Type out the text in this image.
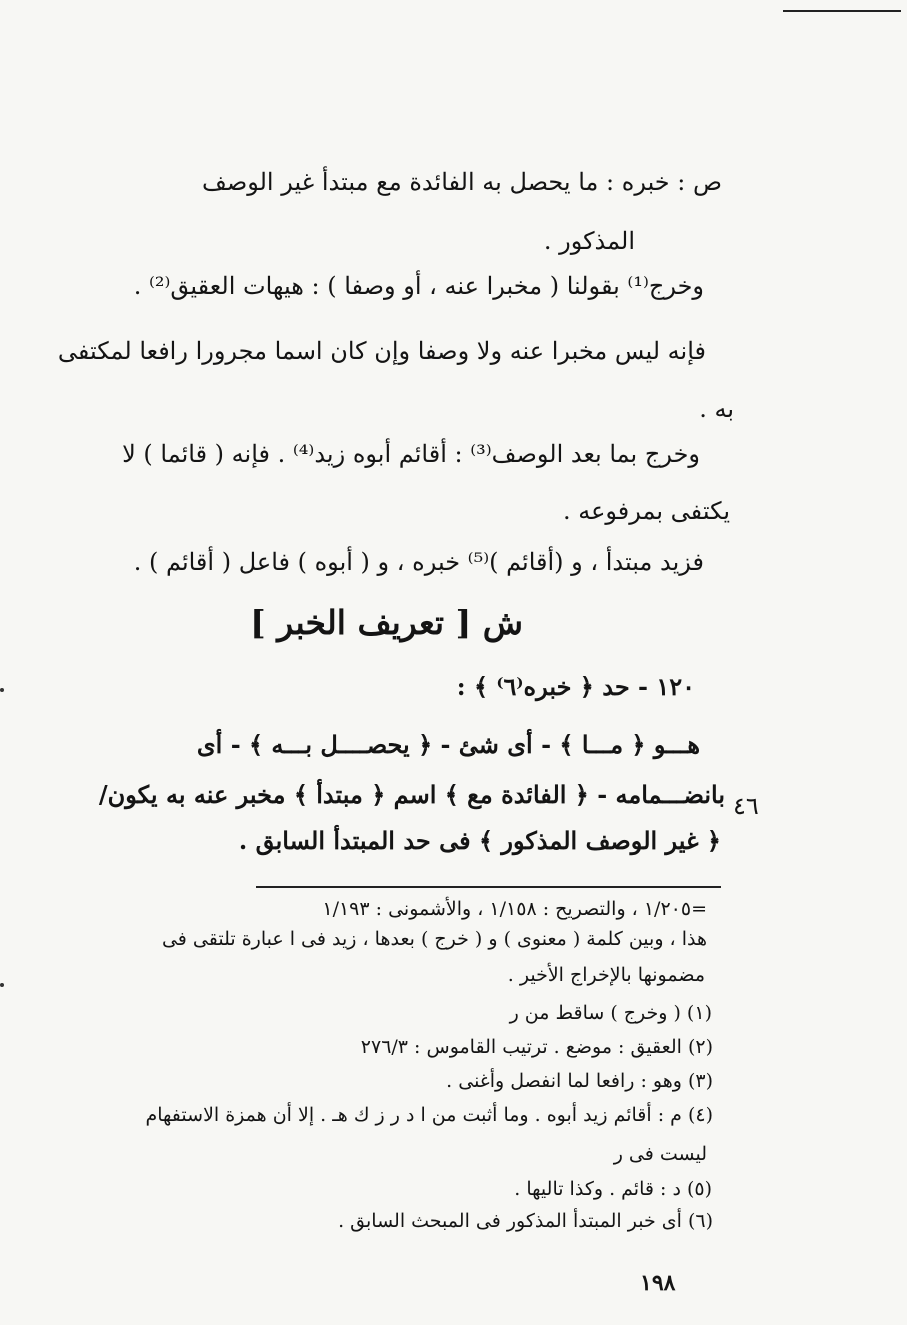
ص : خبره : ما يحصل به الفائدة مع مبتدأ غير الوصف
المذكور .
وخرج⁽¹⁾ بقولنا ( مخبرا عنه ، أو وصفا ) : هيهات العقيق⁽²⁾ .
فإنه ليس مخبرا عنه ولا وصفا وإن كان اسما مجرورا رافعا لمكتفى
به .
وخرج بما بعد الوصف⁽³⁾ : أقائم أبوه زيد⁽⁴⁾ . فإنه ( قائما ) لا
يكتفى بمرفوعه .
فزيد مبتدأ ، و (أقائم )⁽⁵⁾ خبره ، و ( أبوه ) فاعل ( أقائم ) .
ش [ تعريف الخبر ]
١٢٠ - حد ﴿ خبره⁽٦⁾ ﴾ :
هـــو ﴿ مـــا ﴾ - أى شئ - ﴿ يحصــــل بـــه ﴾ - أى
بانضـــمامه - ﴿ الفائدة مع ﴾ اسم ﴿ مبتدأ ﴾ مخبر عنه به يكون/
﴿ غير الوصف المذكور ﴾ فى حد المبتدأ السابق .
٤٦
=١/٢٠٥ ، والتصريح : ١/١٥٨ ، والأشمونى : ١/١٩٣
هذا ، وبين كلمة ( معنوى ) و ( خرج ) بعدها ، زيد فى ا عبارة تلتقى فى
مضمونها بالإخراج الأخير .
(١) ( وخرج ) ساقط من ر
(٢) العقيق : موضع . ترتيب القاموس : ٢٧٦/٣
(٣) وهو : رافعا لما انفصل وأغنى .
(٤) م : أقائم زيد أبوه . وما أثبت من ا د ر ز ك هـ . إلا أن همزة الاستفهام
ليست فى ر
(٥) د : قائم . وكذا تاليها .
(٦) أى خبر المبتدأ المذكور فى المبحث السابق .
١٩٨
